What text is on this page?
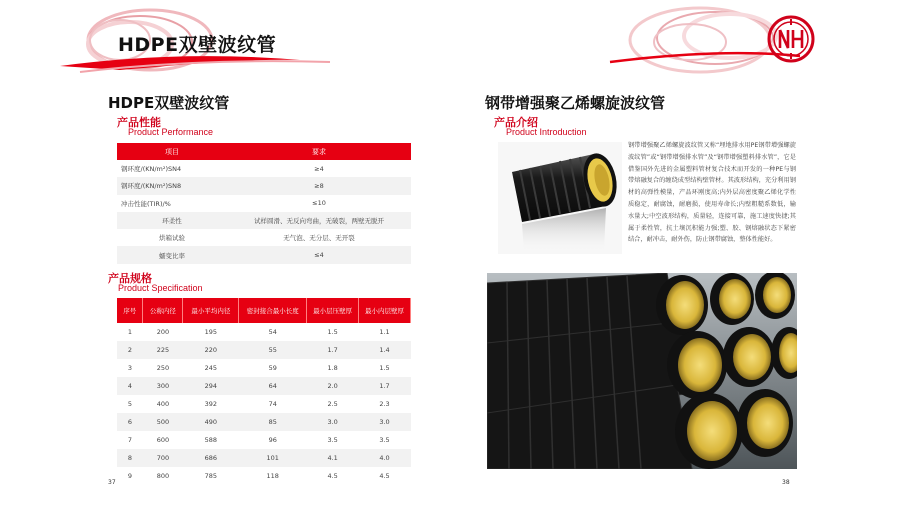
HDPE双壁波纹管
HDPE双壁波纹管
产品性能
Product Performance
项目	要求
钢环度/(KN/m²)SN4	≥4
钢环度/(KN/m²)SN8	≥8
冲击性能(TIR)/%	≤10
环柔性	试样圆滑、无反向弯曲，无破裂，两壁无脱开
烘箱试验	无气泡、无分层、无开裂
蠕变比率	≤4
产品规格
Product Specification
序号	公称内径	最小平均内径	密封接合最小长度	最小层压壁厚	最小内层壁厚
1	200	195	54	1.5	1.1
2	225	220	55	1.7	1.4
3	250	245	59	1.8	1.5
4	300	294	64	2.0	1.7
5	400	392	74	2.5	2.3
6	500	490	85	3.0	3.0
7	600	588	96	3.5	3.5
8	700	686	101	4.1	4.0
9	800	785	118	4.5	4.5
37
钢带增强聚乙烯螺旋波纹管
产品介绍
Product Introduction
钢带增强聚乙烯螺旋波纹管又称“埋地排水用PE钢带增强螺旋波纹管”或“钢带增强排水管”及“钢带增强塑料排水管”，它是借鉴国外先进的金属塑料管材复合技术而开发的一种PE与钢带熔融复合的缠绕成型结构壁管材。其波形结构，充分利用钢材的高弹性模量，产品环刚度高;内外层高密度聚乙烯化学性质稳定，耐腐蚀，耐磨损，使用寿命长;内壁粗糙系数低，输水量大;中空波形结构，质量轻，连接可靠，施工速度快捷;其属于柔性管，抗土壤沉积能力强;塑、胶、钢熔融状态下紧密结合，耐冲击，耐外伤，防止钢带腐蚀，整体性能好。
38
